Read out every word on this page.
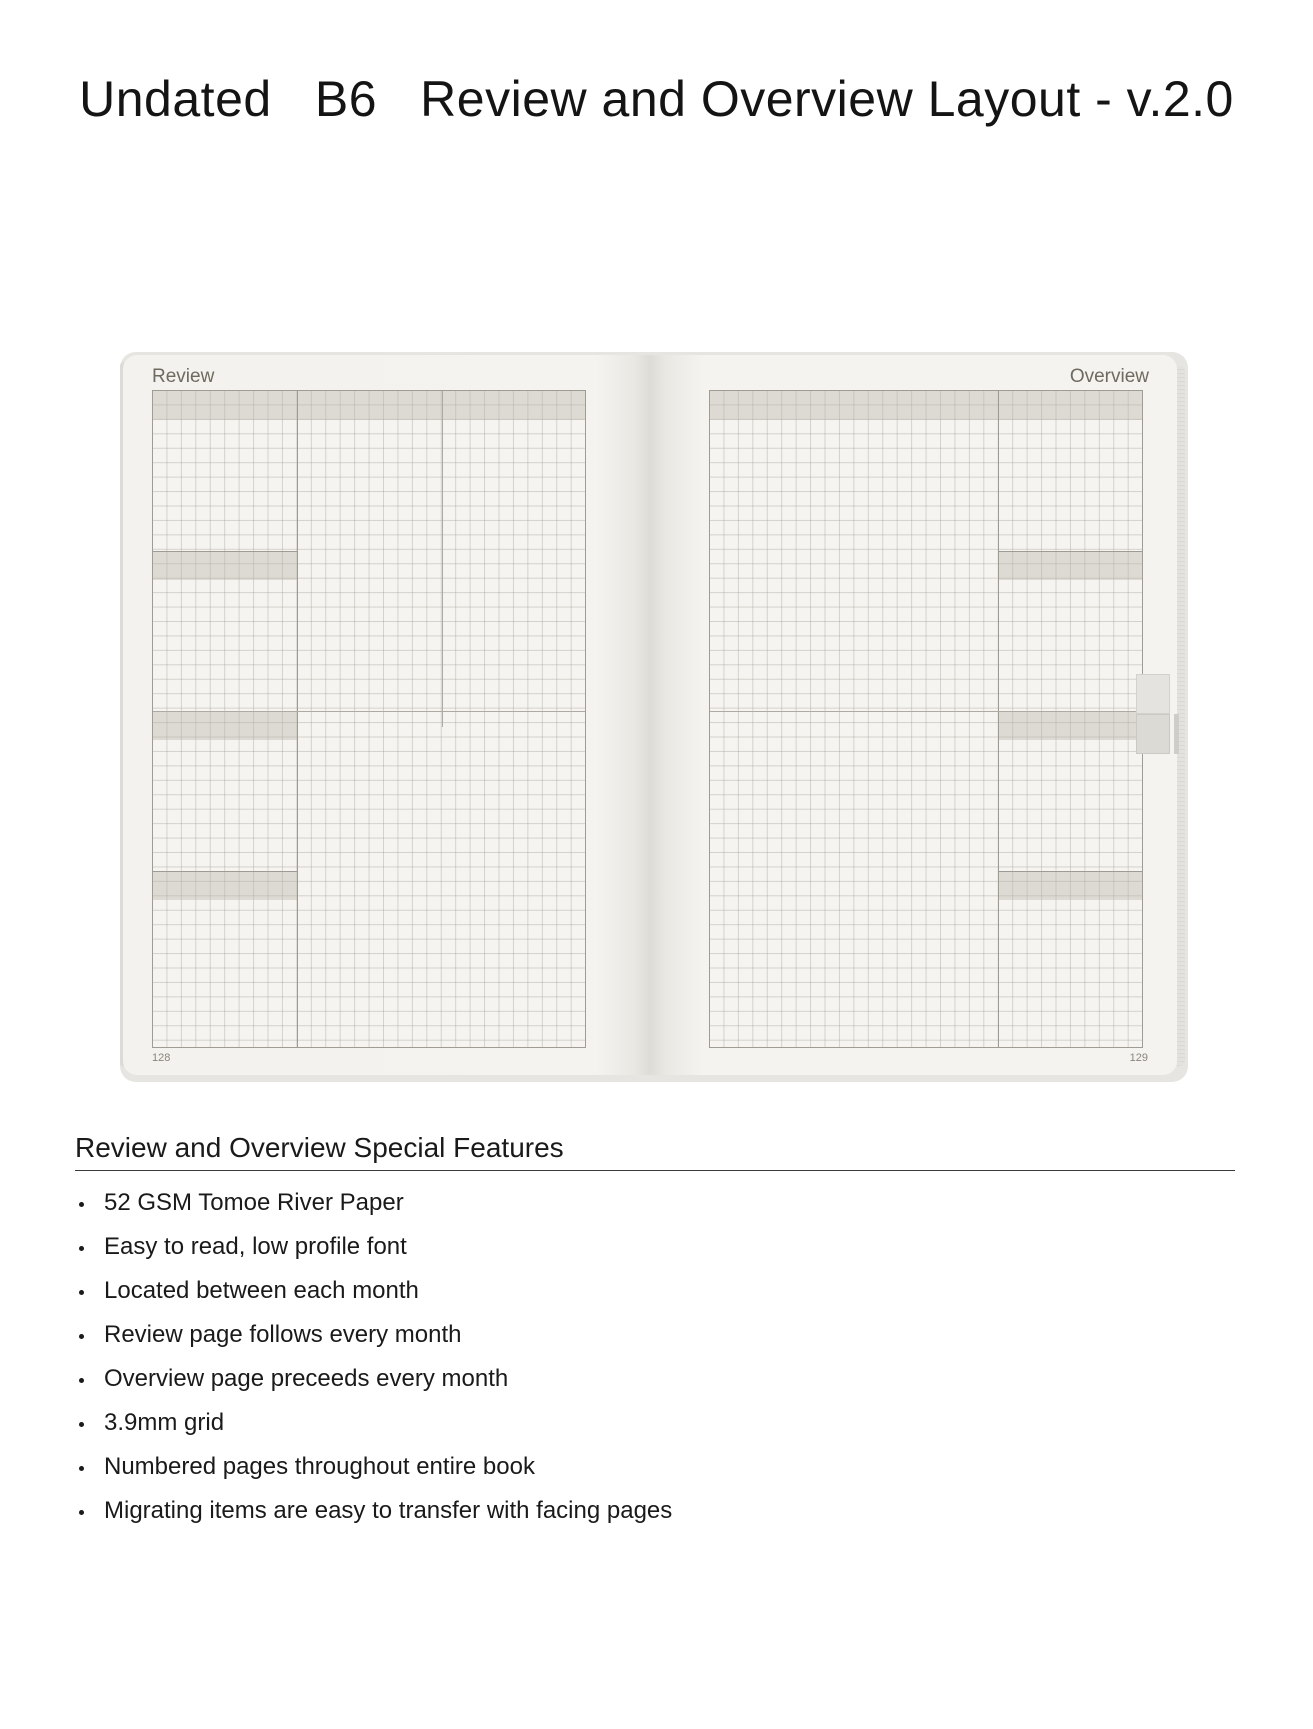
Undated   B6   Review and Overview Layout - v.2.0
Review
128
Overview
129
Review and Overview Special Features
52 GSM Tomoe River Paper
Easy to read, low profile font
Located between each month
Review page follows every month
Overview page preceeds every month
3.9mm grid
Numbered pages throughout entire book
Migrating items are easy to transfer with facing pages
